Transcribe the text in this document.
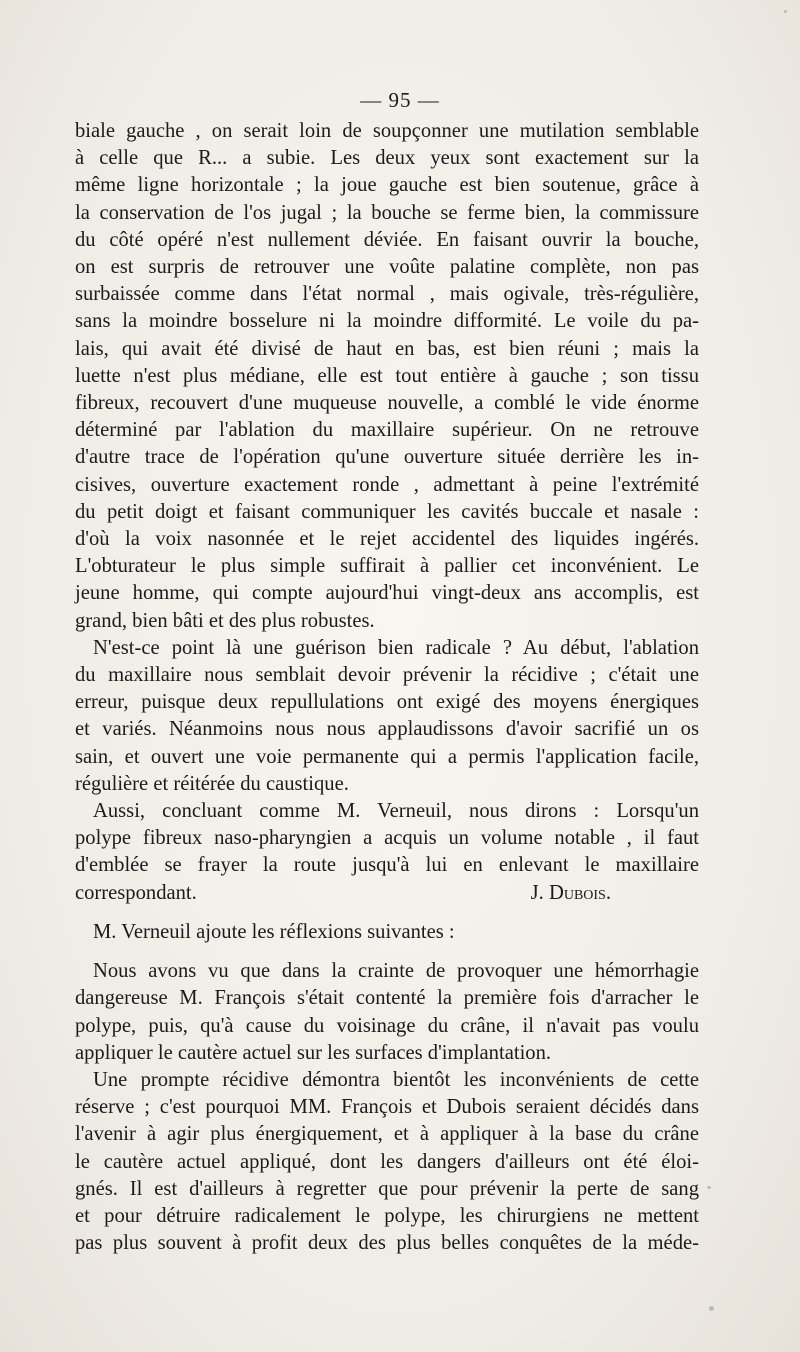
— 95 —

biale gauche , on serait loin de soupçonner une mutilation semblable

à celle que R... a subie. Les deux yeux sont exactement sur la

même ligne horizontale ; la joue gauche est bien soutenue, grâce à

la conservation de l'os jugal ; la bouche se ferme bien, la commissure

du côté opéré n'est nullement déviée. En faisant ouvrir la bouche,

on est surpris de retrouver une voûte palatine complète, non pas

surbaissée comme dans l'état normal , mais ogivale, très-régulière,

sans la moindre bosselure ni la moindre difformité. Le voile du pa-

lais, qui avait été divisé de haut en bas, est bien réuni ; mais la

luette n'est plus médiane, elle est tout entière à gauche ; son tissu

fibreux, recouvert d'une muqueuse nouvelle, a comblé le vide énorme

déterminé par l'ablation du maxillaire supérieur. On ne retrouve

d'autre trace de l'opération qu'une ouverture située derrière les in-

cisives, ouverture exactement ronde , admettant à peine l'extrémité

du petit doigt et faisant communiquer les cavités buccale et nasale :

d'où la voix nasonnée et le rejet accidentel des liquides ingérés.

L'obturateur le plus simple suffirait à pallier cet inconvénient. Le

jeune homme, qui compte aujourd'hui vingt-deux ans accomplis, est

grand, bien bâti et des plus robustes.

N'est-ce point là une guérison bien radicale ? Au début, l'ablation

du maxillaire nous semblait devoir prévenir la récidive ; c'était une

erreur, puisque deux repullulations ont exigé des moyens énergiques

et variés. Néanmoins nous nous applaudissons d'avoir sacrifié un os

sain, et ouvert une voie permanente qui a permis l'application facile,

régulière et réitérée du caustique.

Aussi, concluant comme M. Verneuil, nous dirons : Lorsqu'un

polype fibreux naso-pharyngien a acquis un volume notable , il faut

d'emblée se frayer la route jusqu'à lui en enlevant le maxillaire

correspondant.	J. Dubois.

M. Verneuil ajoute les réflexions suivantes :

Nous avons vu que dans la crainte de provoquer une hémorrhagie

dangereuse M. François s'était contenté la première fois d'arracher le

polype, puis, qu'à cause du voisinage du crâne, il n'avait pas voulu

appliquer le cautère actuel sur les surfaces d'implantation.

Une prompte récidive démontra bientôt les inconvénients de cette

réserve ; c'est pourquoi MM. François et Dubois seraient décidés dans

l'avenir à agir plus énergiquement, et à appliquer à la base du crâne

le cautère actuel appliqué, dont les dangers d'ailleurs ont été éloi-

gnés. Il est d'ailleurs à regretter que pour prévenir la perte de sang

et pour détruire radicalement le polype, les chirurgiens ne mettent

pas plus souvent à profit deux des plus belles conquêtes de la méde-
